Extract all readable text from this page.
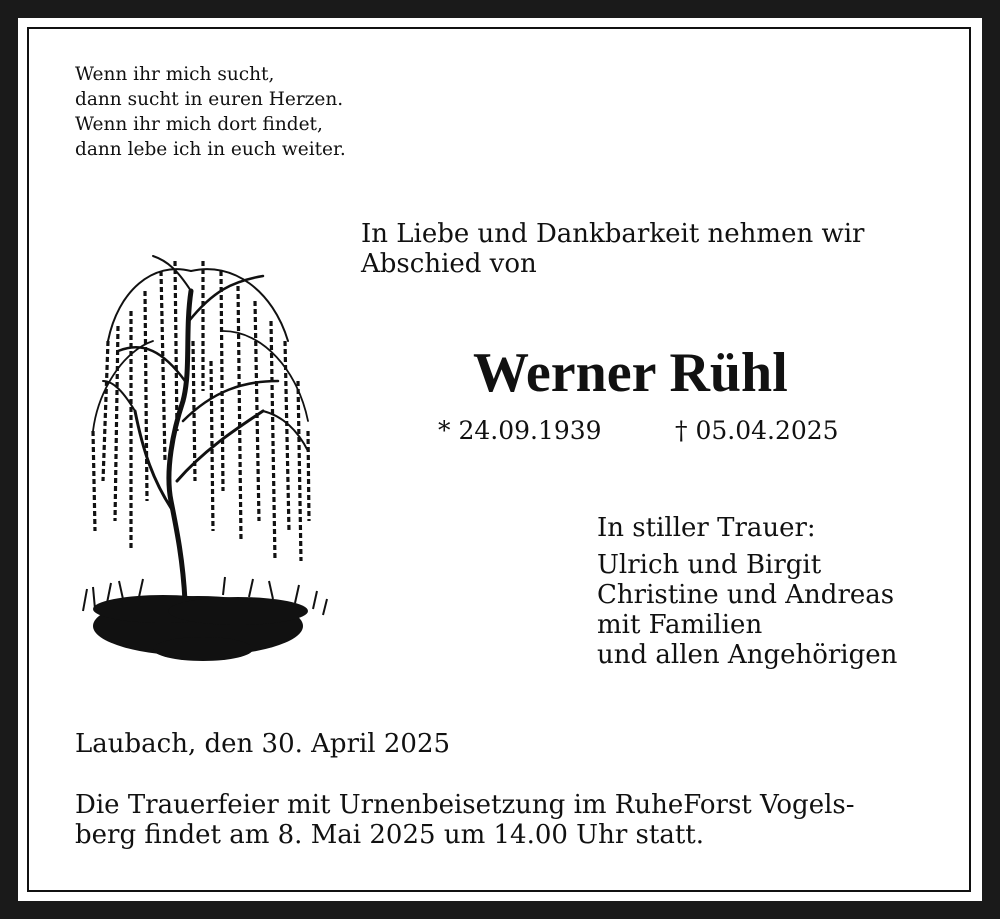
Wenn ihr mich sucht,
dann sucht in euren Herzen.
Wenn ihr mich dort findet,
dann lebe ich in euch weiter.
In Liebe und Dankbarkeit nehmen wir
Abschied von
Werner Rühl
* 24.09.1939	† 05.04.2025
In stiller Trauer:
Ulrich und Birgit
Christine und Andreas
mit Familien
und allen Angehörigen
Laubach, den 30. April 2025
Die Trauerfeier mit Urnenbeisetzung im RuheForst Vogels-
berg findet am 8. Mai 2025 um 14.00 Uhr statt.
